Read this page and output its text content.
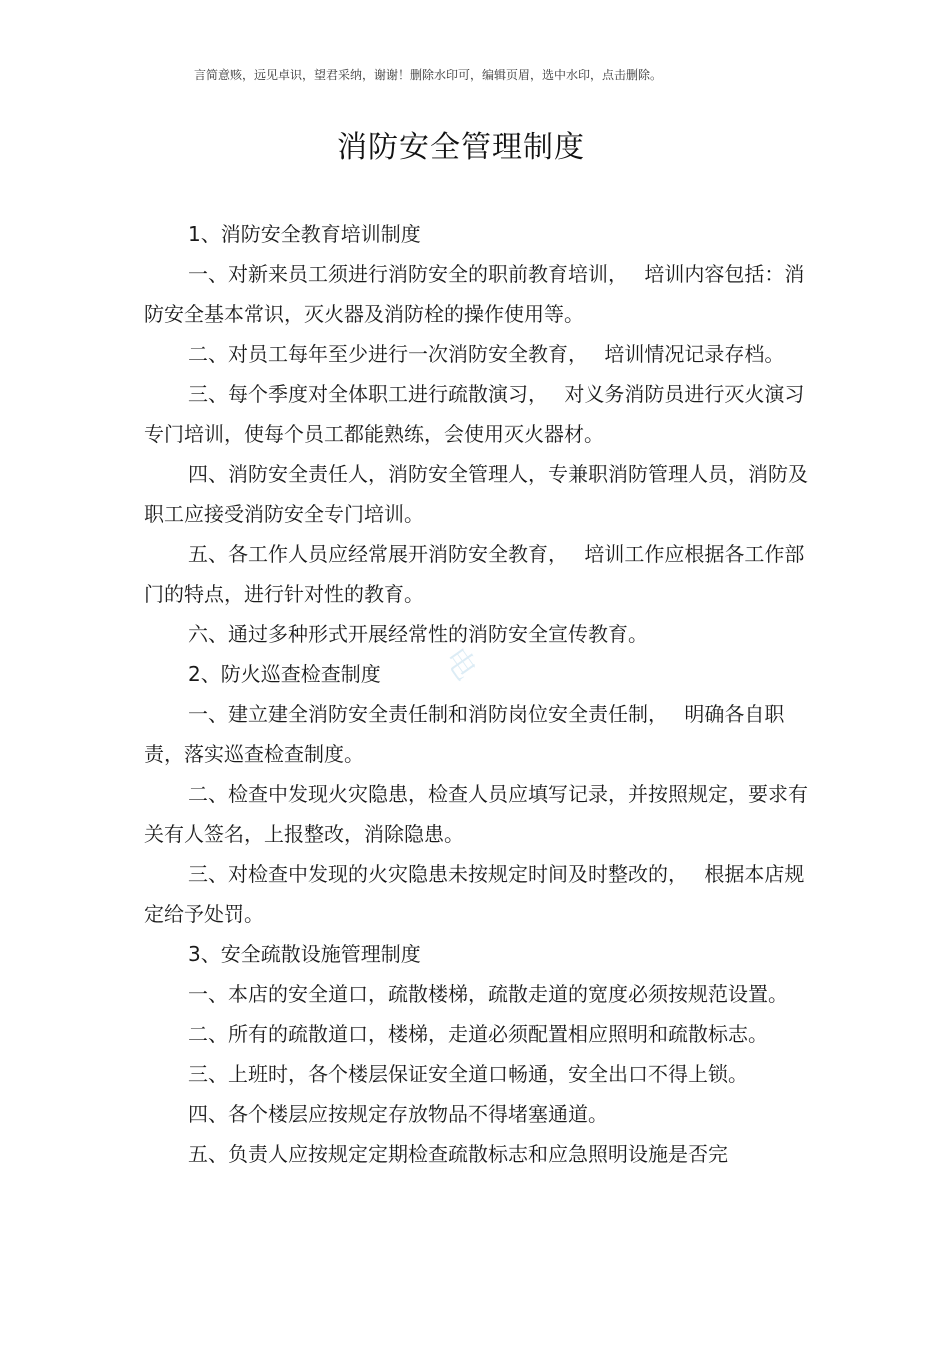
言简意赅，远见卓识，望君采纳，谢谢！删除水印可，编辑页眉，选中水印，点击删除。
消防安全管理制度
电

1、消防安全教育培训制度

一、对新来员工须进行消防安全的职前教育培训，　 培训内容包括：消防安全基本常识，灭火器及消防栓的操作使用等。

二、对员工每年至少进行一次消防安全教育，　 培训情况记录存档。

三、每个季度对全体职工进行疏散演习，　 对义务消防员进行灭火演习专门培训，使每个员工都能熟练，会使用灭火器材。

四、消防安全责任人，消防安全管理人，专兼职消防管理人员，消防及职工应接受消防安全专门培训。

五、各工作人员应经常展开消防安全教育，　 培训工作应根据各工作部门的特点，进行针对性的教育。

六、通过多种形式开展经常性的消防安全宣传教育。

2、防火巡查检查制度

一、建立建全消防安全责任制和消防岗位安全责任制，　 明确各自职责，落实巡查检查制度。

二、检查中发现火灾隐患，检查人员应填写记录，并按照规定，要求有关有人签名，上报整改，消除隐患。

三、对检查中发现的火灾隐患未按规定时间及时整改的，　 根据本店规定给予处罚。

3、安全疏散设施管理制度

一、本店的安全道口，疏散楼梯，疏散走道的宽度必须按规范设置。

二、所有的疏散道口，楼梯，走道必须配置相应照明和疏散标志。

三、上班时，各个楼层保证安全道口畅通，安全出口不得上锁。

四、各个楼层应按规定存放物品不得堵塞通道。

五、负责人应按规定定期检查疏散标志和应急照明设施是否完
